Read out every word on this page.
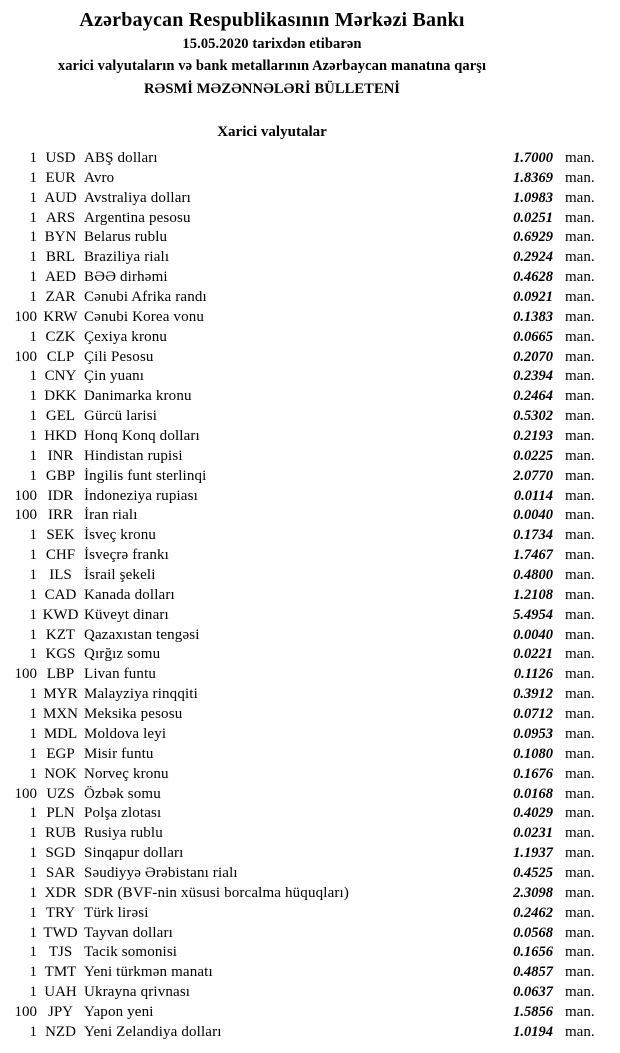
Azərbaycan Respublikasının Mərkəzi Bankı
15.05.2020 tarixdən etibarən
xarici valyutaların və bank metallarının Azərbaycan manatına qarşı
RƏSMİ MƏZƏNNƏLƏRİ BÜLLETENİ
Xarici valyutalar
1 USD ABŞ dolları	1.7000 man.
1 EUR Avro	1.8369 man.
1 AUD Avstraliya dolları	1.0983 man.
1 ARS Argentina pesosu	0.0251 man.
1 BYN Belarus rublu	0.6929 man.
1 BRL Braziliya rialı	0.2924 man.
1 AED BƏƏ dirhəmi	0.4628 man.
1 ZAR Cənubi Afrika randı	0.0921 man.
100 KRW Cənubi Korea vonu	0.1383 man.
1 CZK Çexiya kronu	0.0665 man.
100 CLP Çili Pesosu	0.2070 man.
1 CNY Çin yuanı	0.2394 man.
1 DKK Danimarka kronu	0.2464 man.
1 GEL Gürcü larisi	0.5302 man.
1 HKD Honq Konq dolları	0.2193 man.
1 INR Hindistan rupisi	0.0225 man.
1 GBP İngilis funt sterlinqi	2.0770 man.
100 IDR İndoneziya rupiası	0.0114 man.
100 IRR İran rialı	0.0040 man.
1 SEK İsveç kronu	0.1734 man.
1 CHF İsveçrə frankı	1.7467 man.
1 ILS İsrail şekeli	0.4800 man.
1 CAD Kanada dolları	1.2108 man.
1 KWD Küveyt dinarı	5.4954 man.
1 KZT Qazaxıstan tengəsi	0.0040 man.
1 KGS Qırğız somu	0.0221 man.
100 LBP Livan funtu	0.1126 man.
1 MYR Malayziya rinqqiti	0.3912 man.
1 MXN Meksika pesosu	0.0712 man.
1 MDL Moldova leyi	0.0953 man.
1 EGP Misir funtu	0.1080 man.
1 NOK Norveç kronu	0.1676 man.
100 UZS Özbək somu	0.0168 man.
1 PLN Polşa zlotası	0.4029 man.
1 RUB Rusiya rublu	0.0231 man.
1 SGD Sinqapur dolları	1.1937 man.
1 SAR Səudiyyə Ərəbistanı rialı	0.4525 man.
1 XDR SDR (BVF-nin xüsusi borcalma hüquqları)	2.3098 man.
1 TRY Türk lirəsi	0.2462 man.
1 TWD Tayvan dolları	0.0568 man.
1 TJS Tacik somonisi	0.1656 man.
1 TMT Yeni türkmən manatı	0.4857 man.
1 UAH Ukrayna qrivnası	0.0637 man.
100 JPY Yapon yeni	1.5856 man.
1 NZD Yeni Zelandiya dolları	1.0194 man.
